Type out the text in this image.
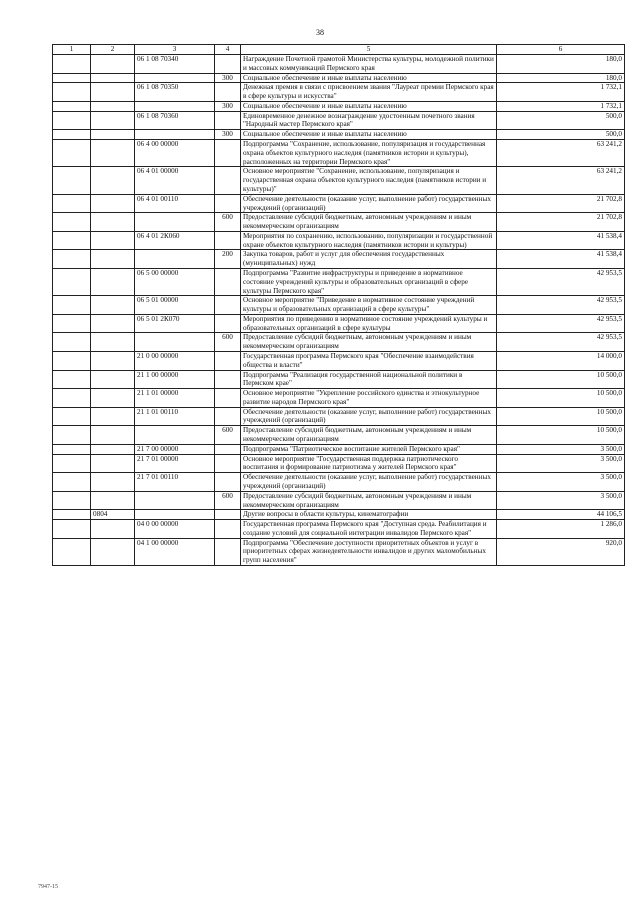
38
1	2	3	4	5	6
		06 1 08 70340		Награждение Почетной грамотой Министерства культуры, молодежной политики и массовых коммуникаций Пермского края	180,0
			300	Социальное обеспечение и иные выплаты населению	180,0
		06 1 08 70350		Денежная премия в связи с присвоением звания "Лауреат премии Пермского края в сфере культуры и искусства"	1 732,1
			300	Социальное обеспечение и иные выплаты населению	1 732,1
		06 1 08 70360		Единовременное денежное вознаграждение удостоенным почетного звания "Народный мастер Пермского края"	500,0
			300	Социальное обеспечение и иные выплаты населению	500,0
		06 4 00 00000		Подпрограмма "Сохранение, использование, популяризация и государственная охрана объектов культурного наследия (памятников истории и культуры), расположенных на территории Пермского края"	63 241,2
		06 4 01 00000		Основное мероприятие "Сохранение, использование, популяризация и государственная охрана объектов культурного наследия (памятников истории и культуры)"	63 241,2
		06 4 01 00110		Обеспечение деятельности (оказание услуг, выполнение работ) государственных учреждений (организаций)	21 702,8
			600	Предоставление субсидий бюджетным, автономным учреждениям и иным некоммерческим организациям	21 702,8
		06 4 01 2К060		Мероприятия по сохранению, использованию, популяризации и государственной охране объектов культурного наследия (памятников истории и культуры)	41 538,4
			200	Закупка товаров, работ и услуг для обеспечения государственных (муниципальных) нужд	41 538,4
		06 5 00 00000		Подпрограмма "Развитие инфраструктуры и приведение в нормативное состояние учреждений культуры и образовательных организаций в сфере культуры Пермского края"	42 953,5
		06 5 01 00000		Основное мероприятие "Приведение в нормативное состояние учреждений культуры и образовательных организаций в сфере культуры"	42 953,5
		06 5 01 2К070		Мероприятия по приведению в нормативное состояние учреждений культуры и образовательных организаций в сфере культуры	42 953,5
			600	Предоставление субсидий бюджетным, автономным учреждениям и иным некоммерческим организациям	42 953,5
		21 0 00 00000		Государственная программа Пермского края "Обеспечение взаимодействия общества и власти"	14 000,0
		21 1 00 00000		Подпрограмма "Реализация государственной национальной политики в Пермском крае"	10 500,0
		21 1 01 00000		Основное мероприятие "Укрепление российского единства и этнокультурное развитие народов Пермского края"	10 500,0
		21 1 01 00110		Обеспечение деятельности (оказание услуг, выполнение работ) государственных учреждений (организаций)	10 500,0
			600	Предоставление субсидий бюджетным, автономным учреждениям и иным некоммерческим организациям	10 500,0
		21 7 00 00000		Подпрограмма "Патриотическое воспитание жителей Пермского края"	3 500,0
		21 7 01 00000		Основное мероприятие "Государственная поддержка патриотического воспитания и формирование патриотизма у жителей Пермского края"	3 500,0
		21 7 01 00110		Обеспечение деятельности (оказание услуг, выполнение работ) государственных учреждений (организаций)	3 500,0
			600	Предоставление субсидий бюджетным, автономным учреждениям и иным некоммерческим организациям	3 500,0
	0804			Другие вопросы в области культуры, кинематографии	44 106,5
		04 0 00 00000		Государственная программа Пермского края "Доступная среда. Реабилитация и создание условий для социальной интеграции инвалидов Пермского края"	1 286,0
		04 1 00 00000		Подпрограмма "Обеспечение доступности приоритетных объектов и услуг в приоритетных сферах жизнедеятельности инвалидов и других маломобильных групп населения"	920,0
7947-15
